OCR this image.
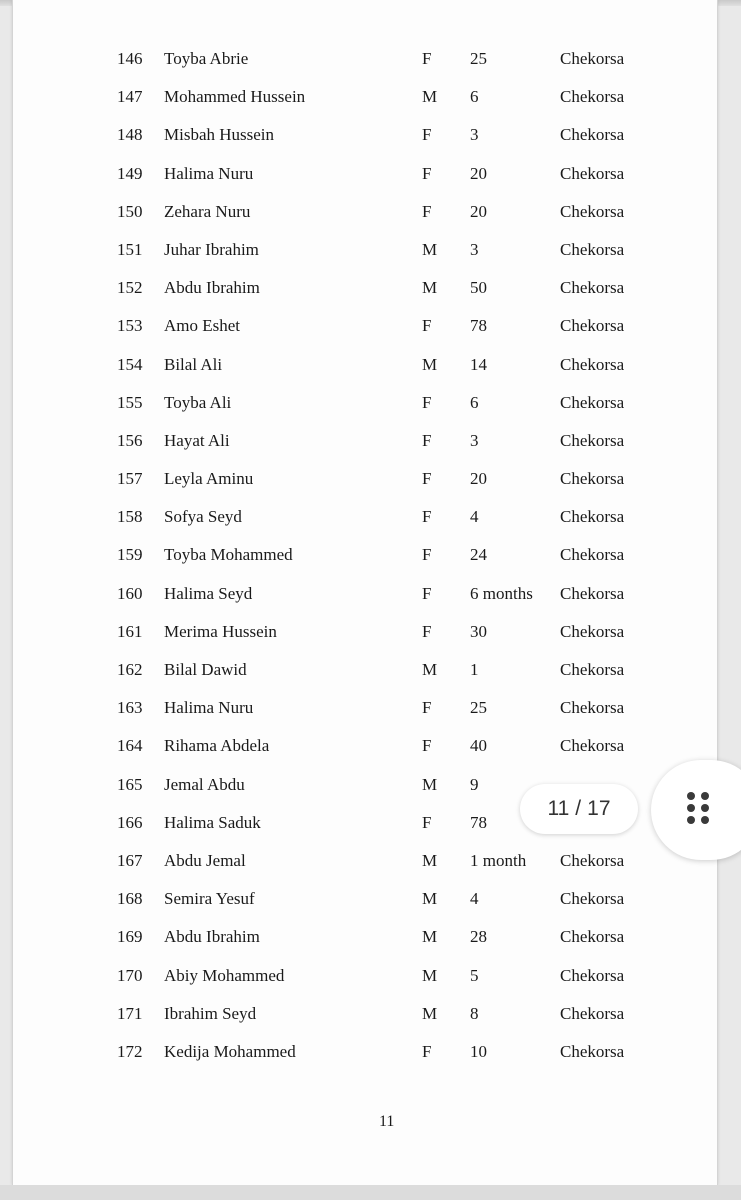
146 Toyba Abrie	F 25	Chekorsa
147 Mohammed Hussein	M 6	Chekorsa
148 Misbah Hussein	F 3	Chekorsa
149 Halima Nuru	F 20	Chekorsa
150 Zehara Nuru	F 20	Chekorsa
151 Juhar Ibrahim	M 3	Chekorsa
152 Abdu Ibrahim	M 50	Chekorsa
153 Amo Eshet	F 78	Chekorsa
154 Bilal Ali	M 14	Chekorsa
155 Toyba Ali	F 6	Chekorsa
156 Hayat Ali	F 3	Chekorsa
157 Leyla Aminu	F 20	Chekorsa
158 Sofya Seyd	F 4	Chekorsa
159 Toyba Mohammed	F 24	Chekorsa
160 Halima Seyd	F 6 months Chekorsa
161 Merima Hussein	F 30	Chekorsa
162 Bilal Dawid	M 1	Chekorsa
163 Halima Nuru	F 25	Chekorsa
164 Rihama Abdela	F 40	Chekorsa
165 Jemal Abdu	M 9
166 Halima Saduk	F 78
167 Abdu Jemal	M 1 month Chekorsa
168 Semira Yesuf	M 4	Chekorsa
169 Abdu Ibrahim	M 28	Chekorsa
170 Abiy Mohammed	M 5	Chekorsa
171 Ibrahim Seyd	M 8	Chekorsa
172 Kedija Mohammed	F 10	Chekorsa
11
11 / 17
